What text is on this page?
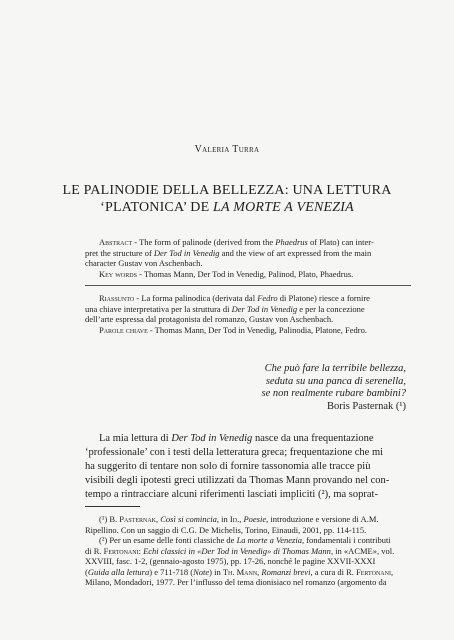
Valeria Turra
LE PALINODIE DELLA BELLEZZA: UNA LETTURA
‘PLATONICA’ DE LA MORTE A VENEZIA
Abstract - The form of palinode (derived from the Phaedrus of Plato) can inter-
pret the structure of Der Tod in Venedig and the view of art expressed from the main
character Gustav von Aschenbach.
Key words - Thomas Mann, Der Tod in Venedig, Palinod, Plato, Phaedrus.
Riassunto - La forma palinodica (derivata dal Fedro di Platone) riesce a fornire
una chiave interpretativa per la struttura di Der Tod in Venedig e per la concezione
dell’arte espressa dal protagonista del romanzo, Gustav von Aschenbach.
Parole chiave - Thomas Mann, Der Tod in Venedig, Palinodia, Platone, Fedro.
Che può fare la terribile bellezza,
seduta su una panca di serenella,
se non realmente rubare bambini?
Boris Pasternak (¹)
La mia lettura di Der Tod in Venedig nasce da una frequentazione
‘professionale’ con i testi della letteratura greca; frequentazione che mi
ha suggerito di tentare non solo di fornire tassonomia alle tracce più
visibili degli ipotesti greci utilizzati da Thomas Mann provando nel con-
tempo a rintracciare alcuni riferimenti lasciati impliciti (²), ma soprat-
(¹) B. Pasternak, Così si comincia, in Id., Poesie, introduzione e versione di A.M.
Ripellino. Con un saggio di C.G. De Michelis, Torino, Einaudi, 2001, pp. 114-115.
(²) Per un esame delle fonti classiche de La morte a Venezia, fondamentali i contributi
di R. Fertonani: Echi classici in «Der Tod in Venedig» di Thomas Mann, in «ACME», vol.
XXVIII, fasc. 1-2, (gennaio-agosto 1975), pp. 17-26, nonché le pagine XXVII-XXXI
(Guida alla lettura) e 711-718 (Note) in Th. Mann, Romanzi brevi, a cura di R. Fertonani,
Milano, Mondadori, 1977. Per l’influsso del tema dionisiaco nel romanzo (argomento da
